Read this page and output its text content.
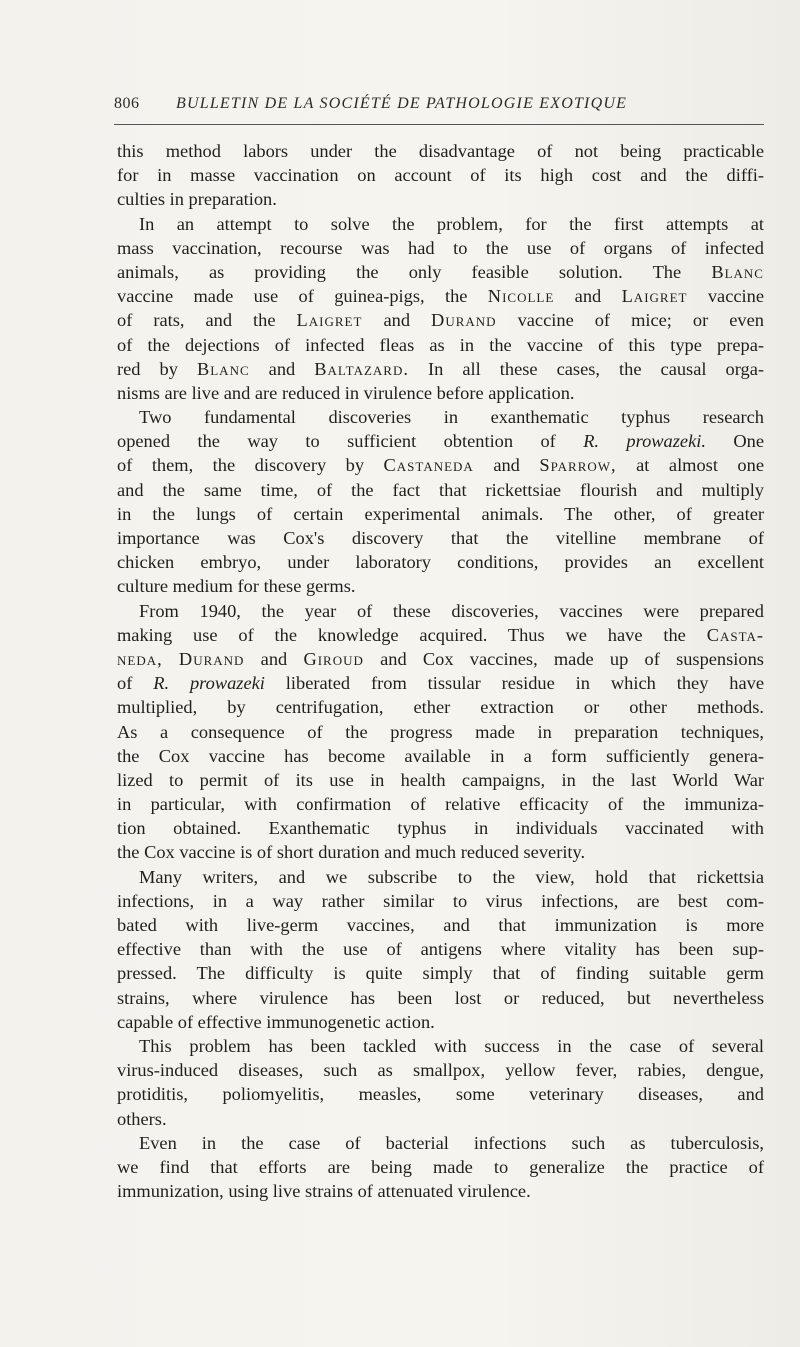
806 BULLETIN DE LA SOCIÉTÉ DE PATHOLOGIE EXOTIQUE
this method labors under the disadvantage of not being practicable
for in masse vaccination on account of its high cost and the diffi-
culties in preparation.
In an attempt to solve the problem, for the first attempts at
mass vaccination, recourse was had to the use of organs of infected
animals, as providing the only feasible solution. The Blanc
vaccine made use of guinea-pigs, the Nicolle and Laigret vaccine
of rats, and the Laigret and Durand vaccine of mice; or even
of the dejections of infected fleas as in the vaccine of this type prepa-
red by Blanc and Baltazard. In all these cases, the causal orga-
nisms are live and are reduced in virulence before application.
Two fundamental discoveries in exanthematic typhus research
opened the way to sufficient obtention of R. prowazeki. One
of them, the discovery by Castaneda and Sparrow, at almost one
and the same time, of the fact that rickettsiae flourish and multiply
in the lungs of certain experimental animals. The other, of greater
importance was Cox's discovery that the vitelline membrane of
chicken embryo, under laboratory conditions, provides an excellent
culture medium for these germs.
From 1940, the year of these discoveries, vaccines were prepared
making use of the knowledge acquired. Thus we have the Casta-
neda, Durand and Giroud and Cox vaccines, made up of suspensions
of R. prowazeki liberated from tissular residue in which they have
multiplied, by centrifugation, ether extraction or other methods.
As a consequence of the progress made in preparation techniques,
the Cox vaccine has become available in a form sufficiently genera-
lized to permit of its use in health campaigns, in the last World War
in particular, with confirmation of relative efficacity of the immuniza-
tion obtained. Exanthematic typhus in individuals vaccinated with
the Cox vaccine is of short duration and much reduced severity.
Many writers, and we subscribe to the view, hold that rickettsia
infections, in a way rather similar to virus infections, are best com-
bated with live-germ vaccines, and that immunization is more
effective than with the use of antigens where vitality has been sup-
pressed. The difficulty is quite simply that of finding suitable germ
strains, where virulence has been lost or reduced, but nevertheless
capable of effective immunogenetic action.
This problem has been tackled with success in the case of several
virus-induced diseases, such as smallpox, yellow fever, rabies, dengue,
protiditis, poliomyelitis, measles, some veterinary diseases, and
others.
Even in the case of bacterial infections such as tuberculosis,
we find that efforts are being made to generalize the practice of
immunization, using live strains of attenuated virulence.
